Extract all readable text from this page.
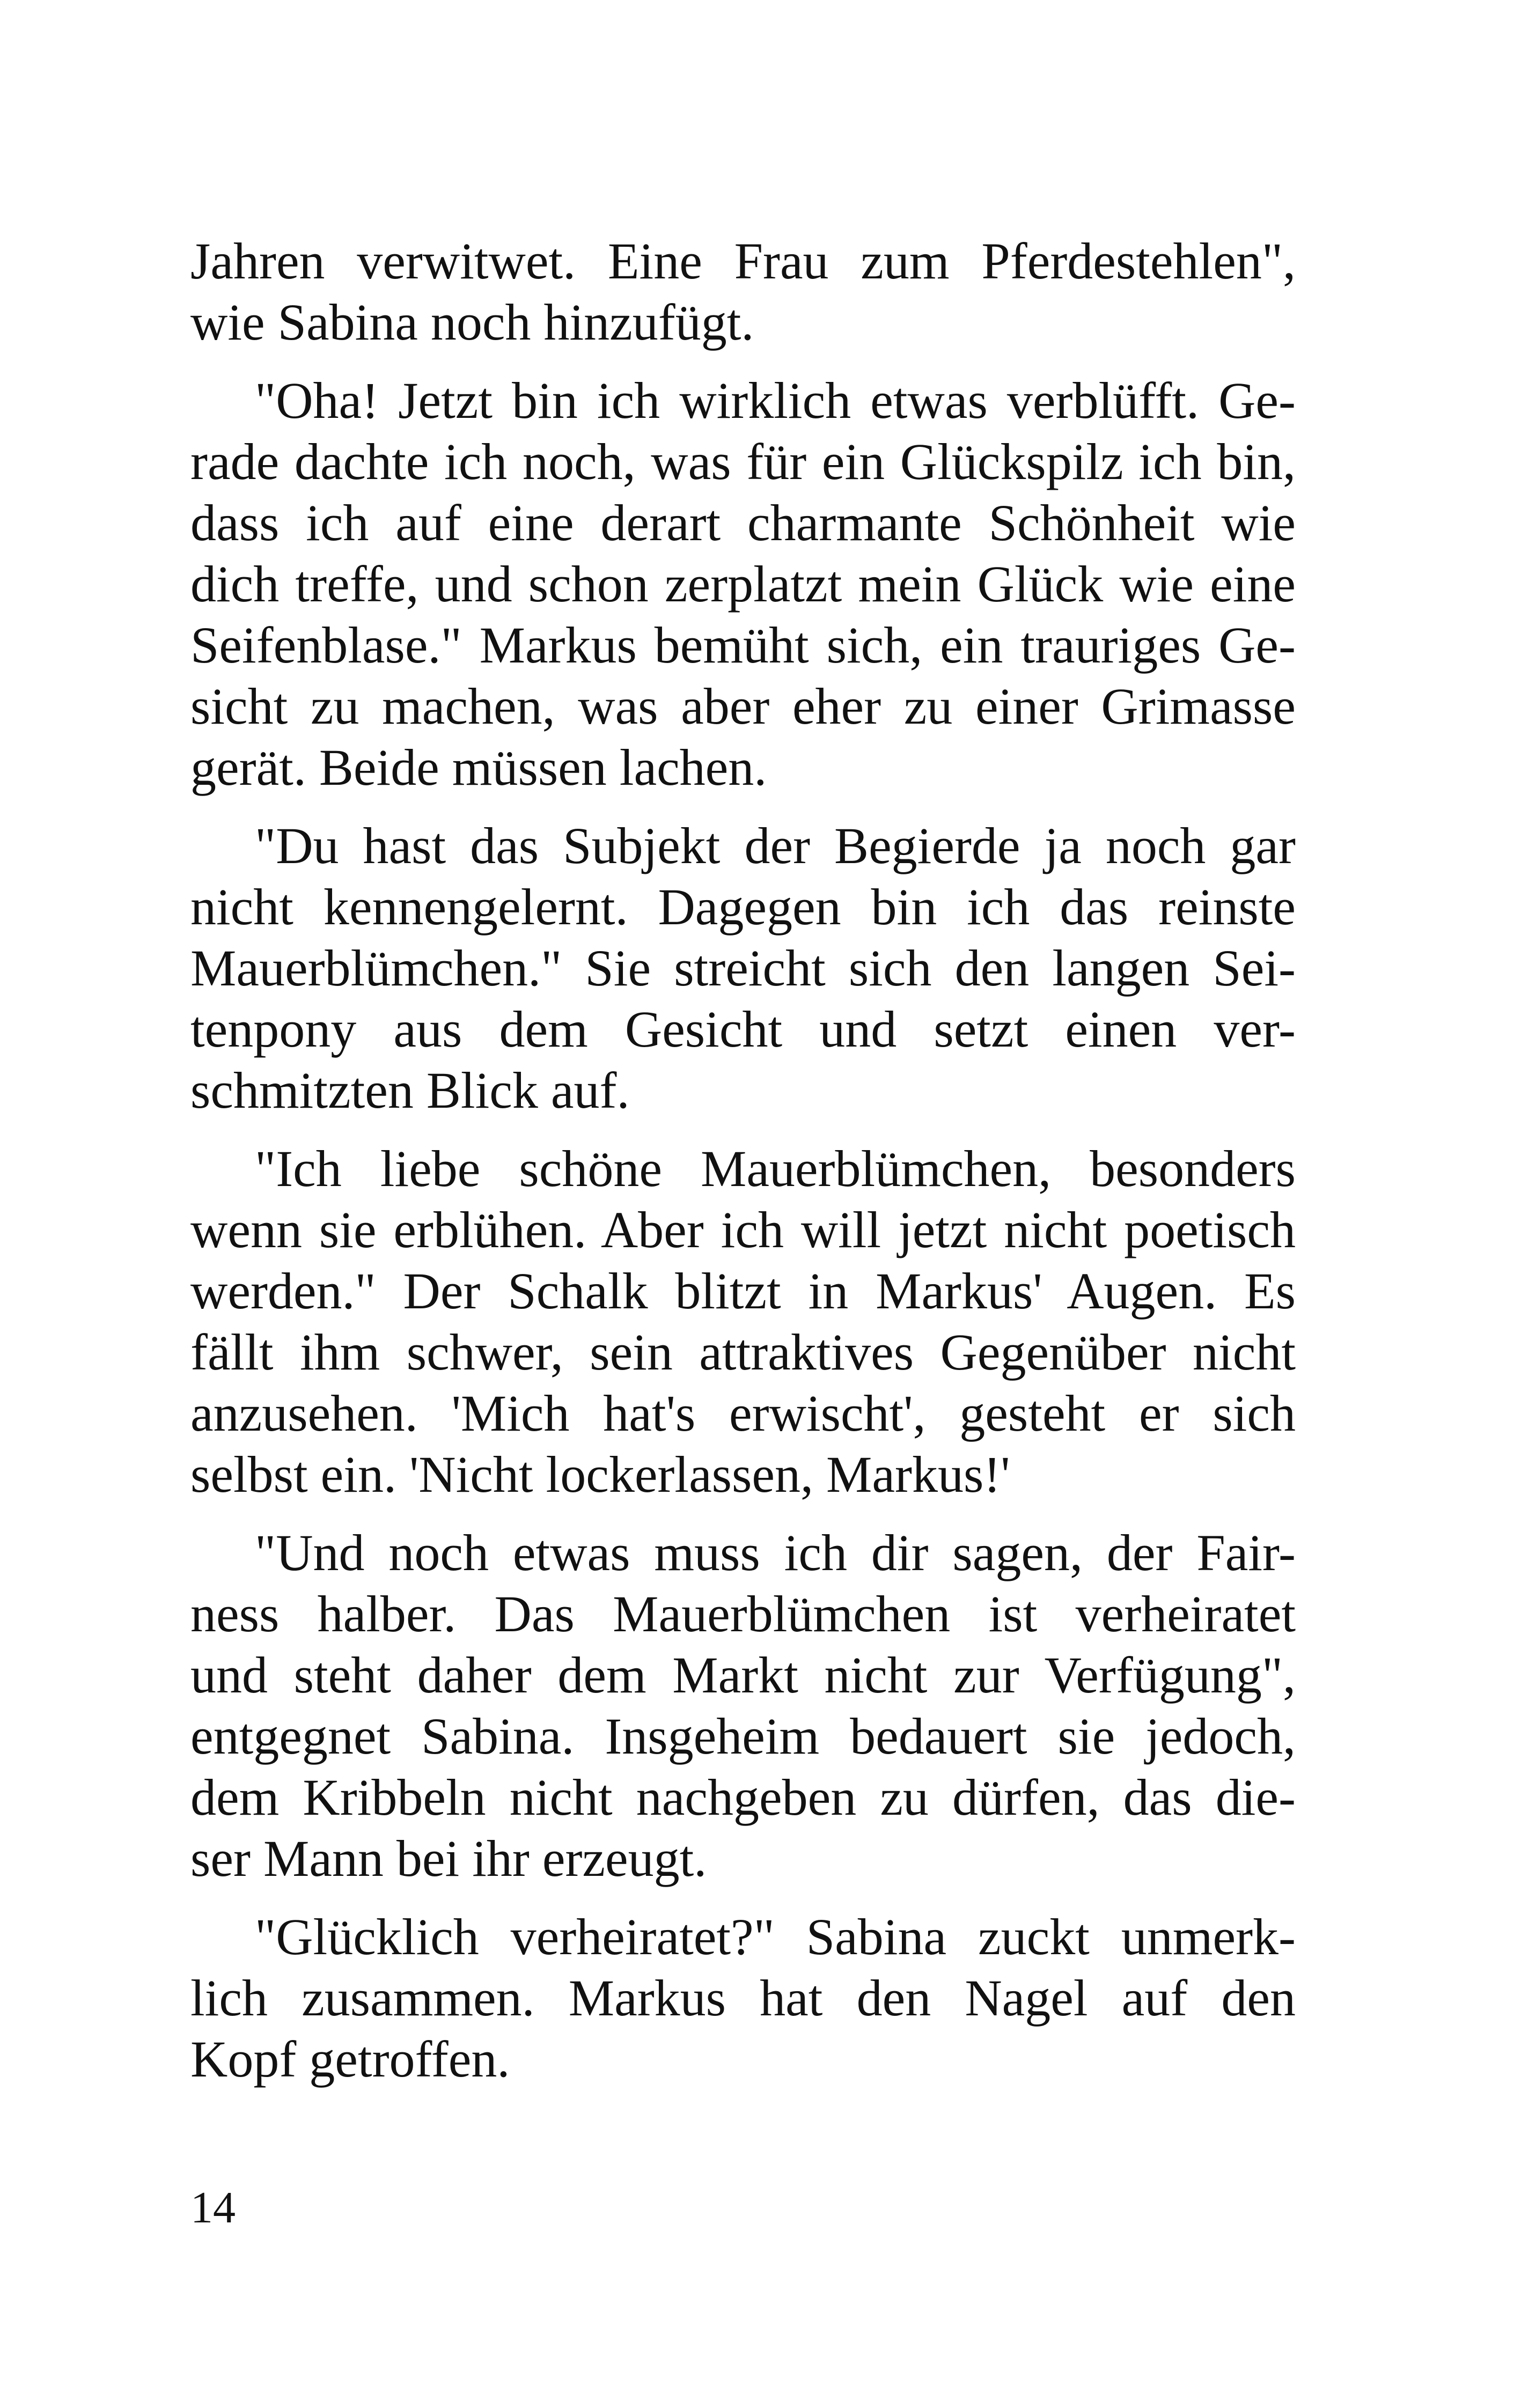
Jahren verwitwet. Eine Frau zum Pferdestehlen",
wie Sabina noch hinzufügt.
"Oha! Jetzt bin ich wirklich etwas verblüfft. Ge-
rade dachte ich noch, was für ein Glückspilz ich bin,
dass ich auf eine derart charmante Schönheit wie
dich treffe, und schon zerplatzt mein Glück wie eine
Seifenblase." Markus bemüht sich, ein trauriges Ge-
sicht zu machen, was aber eher zu einer Grimasse
gerät. Beide müssen lachen.
"Du hast das Subjekt der Begierde ja noch gar
nicht kennengelernt. Dagegen bin ich das reinste
Mauerblümchen." Sie streicht sich den langen Sei-
tenpony aus dem Gesicht und setzt einen ver-
schmitzten Blick auf.
"Ich liebe schöne Mauerblümchen, besonders
wenn sie erblühen. Aber ich will jetzt nicht poetisch
werden." Der Schalk blitzt in Markus' Augen. Es
fällt ihm schwer, sein attraktives Gegenüber nicht
anzusehen. 'Mich hat's erwischt', gesteht er sich
selbst ein. 'Nicht lockerlassen, Markus!'
"Und noch etwas muss ich dir sagen, der Fair-
ness halber. Das Mauerblümchen ist verheiratet
und steht daher dem Markt nicht zur Verfügung",
entgegnet Sabina. Insgeheim bedauert sie jedoch,
dem Kribbeln nicht nachgeben zu dürfen, das die-
ser Mann bei ihr erzeugt.
"Glücklich verheiratet?" Sabina zuckt unmerk-
lich zusammen. Markus hat den Nagel auf den
Kopf getroffen.
14
